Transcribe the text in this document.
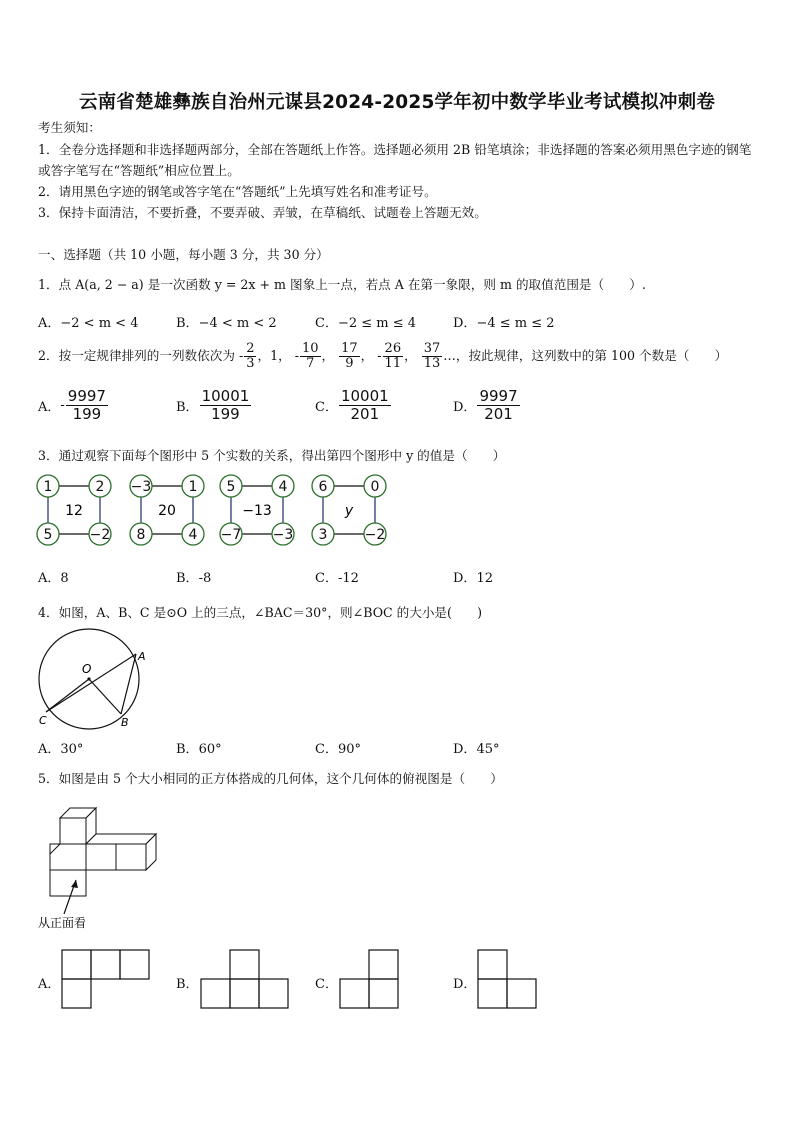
云南省楚雄彝族自治州元谋县2024-2025学年初中数学毕业考试模拟冲刺卷
考生须知：
1．全卷分选择题和非选择题两部分，全部在答题纸上作答。选择题必须用 2B 铅笔填涂；非选择题的答案必须用黑色字迹的钢笔或答字笔写在“答题纸”相应位置上。
2．请用黑色字迹的钢笔或答字笔在“答题纸”上先填写姓名和准考证号。
3．保持卡面清洁，不要折叠，不要弄破、弄皱，在草稿纸、试题卷上答题无效。
一、选择题（共 10 小题，每小题 3 分，共 30 分）
1．点 A(a, 2 − a) 是一次函数 y = 2x + m 图象上一点，若点 A 在第一象限，则 m 的取值范围是（　　）.
A．−2 < m < 4	B．−4 < m < 2	C．−2 ≤ m ≤ 4	D．−4 ≤ m ≤ 2
2．按一定规律排列的一列数依次为 - $\frac{2}{3}$ ，1， - $\frac{10}{7}$ ， $\frac{17}{9}$ ， - $\frac{26}{11}$ ， $\frac{37}{13}$ …，按此规律，这列数中的第 100 个数是（　　）
A．- $\frac{9997}{199}$	B． $\frac{10001}{199}$	C． $\frac{10001}{201}$	D． $\frac{9997}{201}$
3．通过观察下面每个图形中 5 个实数的关系，得出第四个图形中 y 的值是（　　）
1	2
5	−2
12
−3	1
8	4
20
5	4
−7 −3
−13
6	0
3	−2
y
A．8	B．-8	C．-12	D．12
4．如图，A、B、C 是⊙O 上的三点，∠BAC＝30°，则∠BOC 的大小是(　　)
O
A
B
C
A．30°	B．60°	C．90°	D．45°
5．如图是由 5 个大小相同的正方体搭成的几何体，这个几何体的俯视图是（　　）
从正面看
A．	B．	C．	D．
